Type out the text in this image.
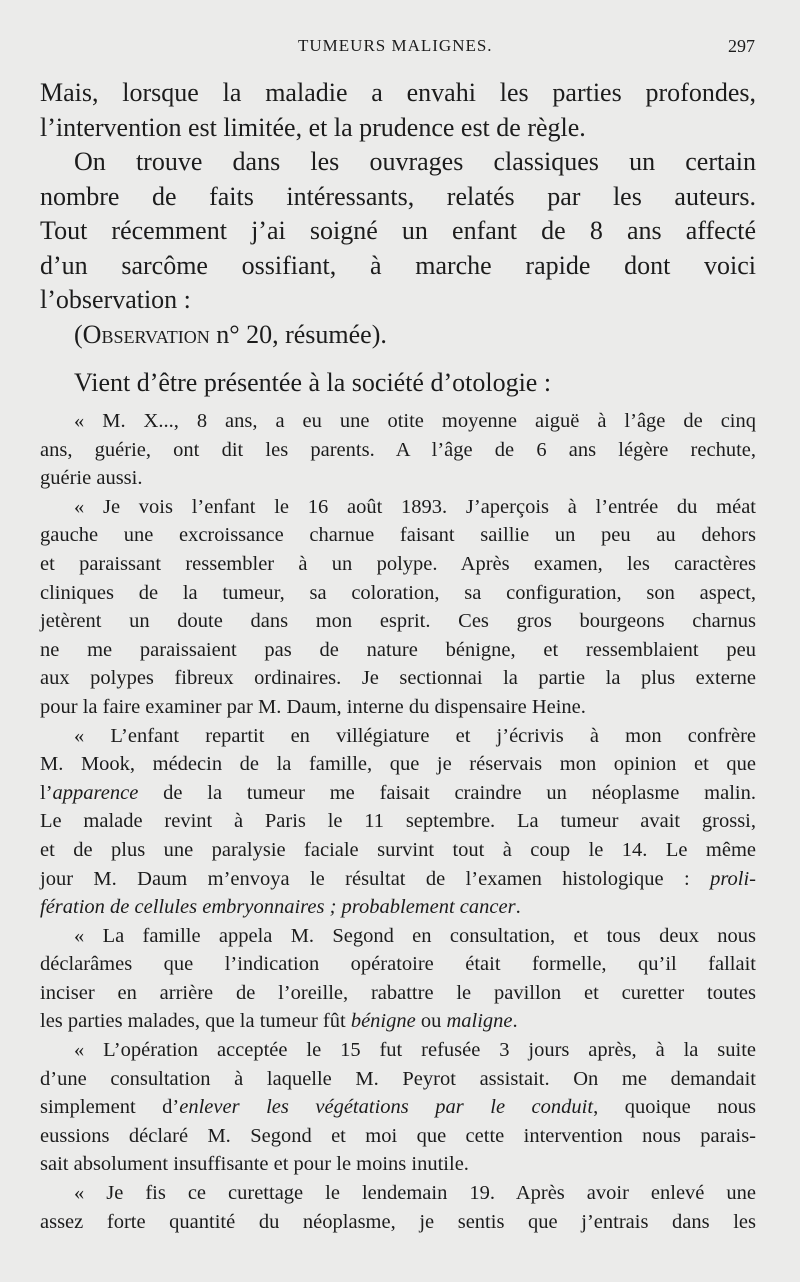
TUMEURS MALIGNES.	297
Mais, lorsque la maladie a envahi les parties profondes,
l’intervention est limitée, et la prudence est de règle.
On trouve dans les ouvrages classiques un certain
nombre de faits intéressants, relatés par les auteurs.
Tout récemment j’ai soigné un enfant de 8 ans affecté
d’un sarcôme ossifiant, à marche rapide dont voici
l’observation :
(Observation n° 20, résumée).
Vient d’être présentée à la société d’otologie :
« M. X..., 8 ans, a eu une otite moyenne aiguë à l’âge de cinq
ans, guérie, ont dit les parents. A l’âge de 6 ans légère rechute,
guérie aussi.
« Je vois l’enfant le 16 août 1893. J’aperçois à l’entrée du méat
gauche une excroissance charnue faisant saillie un peu au dehors
et paraissant ressembler à un polype. Après examen, les caractères
cliniques de la tumeur, sa coloration, sa configuration, son aspect,
jetèrent un doute dans mon esprit. Ces gros bourgeons charnus
ne me paraissaient pas de nature bénigne, et ressemblaient peu
aux polypes fibreux ordinaires. Je sectionnai la partie la plus externe
pour la faire examiner par M. Daum, interne du dispensaire Heine.
« L’enfant repartit en villégiature et j’écrivis à mon confrère
M. Mook, médecin de la famille, que je réservais mon opinion et que
l’apparence de la tumeur me faisait craindre un néoplasme malin.
Le malade revint à Paris le 11 septembre. La tumeur avait grossi,
et de plus une paralysie faciale survint tout à coup le 14. Le même
jour M. Daum m’envoya le résultat de l’examen histologique : proli-
fération de cellules embryonnaires ; probablement cancer.
« La famille appela M. Segond en consultation, et tous deux nous
déclarâmes que l’indication opératoire était formelle, qu’il fallait
inciser en arrière de l’oreille, rabattre le pavillon et curetter toutes
les parties malades, que la tumeur fût bénigne ou maligne.
« L’opération acceptée le 15 fut refusée 3 jours après, à la suite
d’une consultation à laquelle M. Peyrot assistait. On me demandait
simplement d’enlever les végétations par le conduit, quoique nous
eussions déclaré M. Segond et moi que cette intervention nous parais-
sait absolument insuffisante et pour le moins inutile.
« Je fis ce curettage le lendemain 19. Après avoir enlevé une
assez forte quantité du néoplasme, je sentis que j’entrais dans les
